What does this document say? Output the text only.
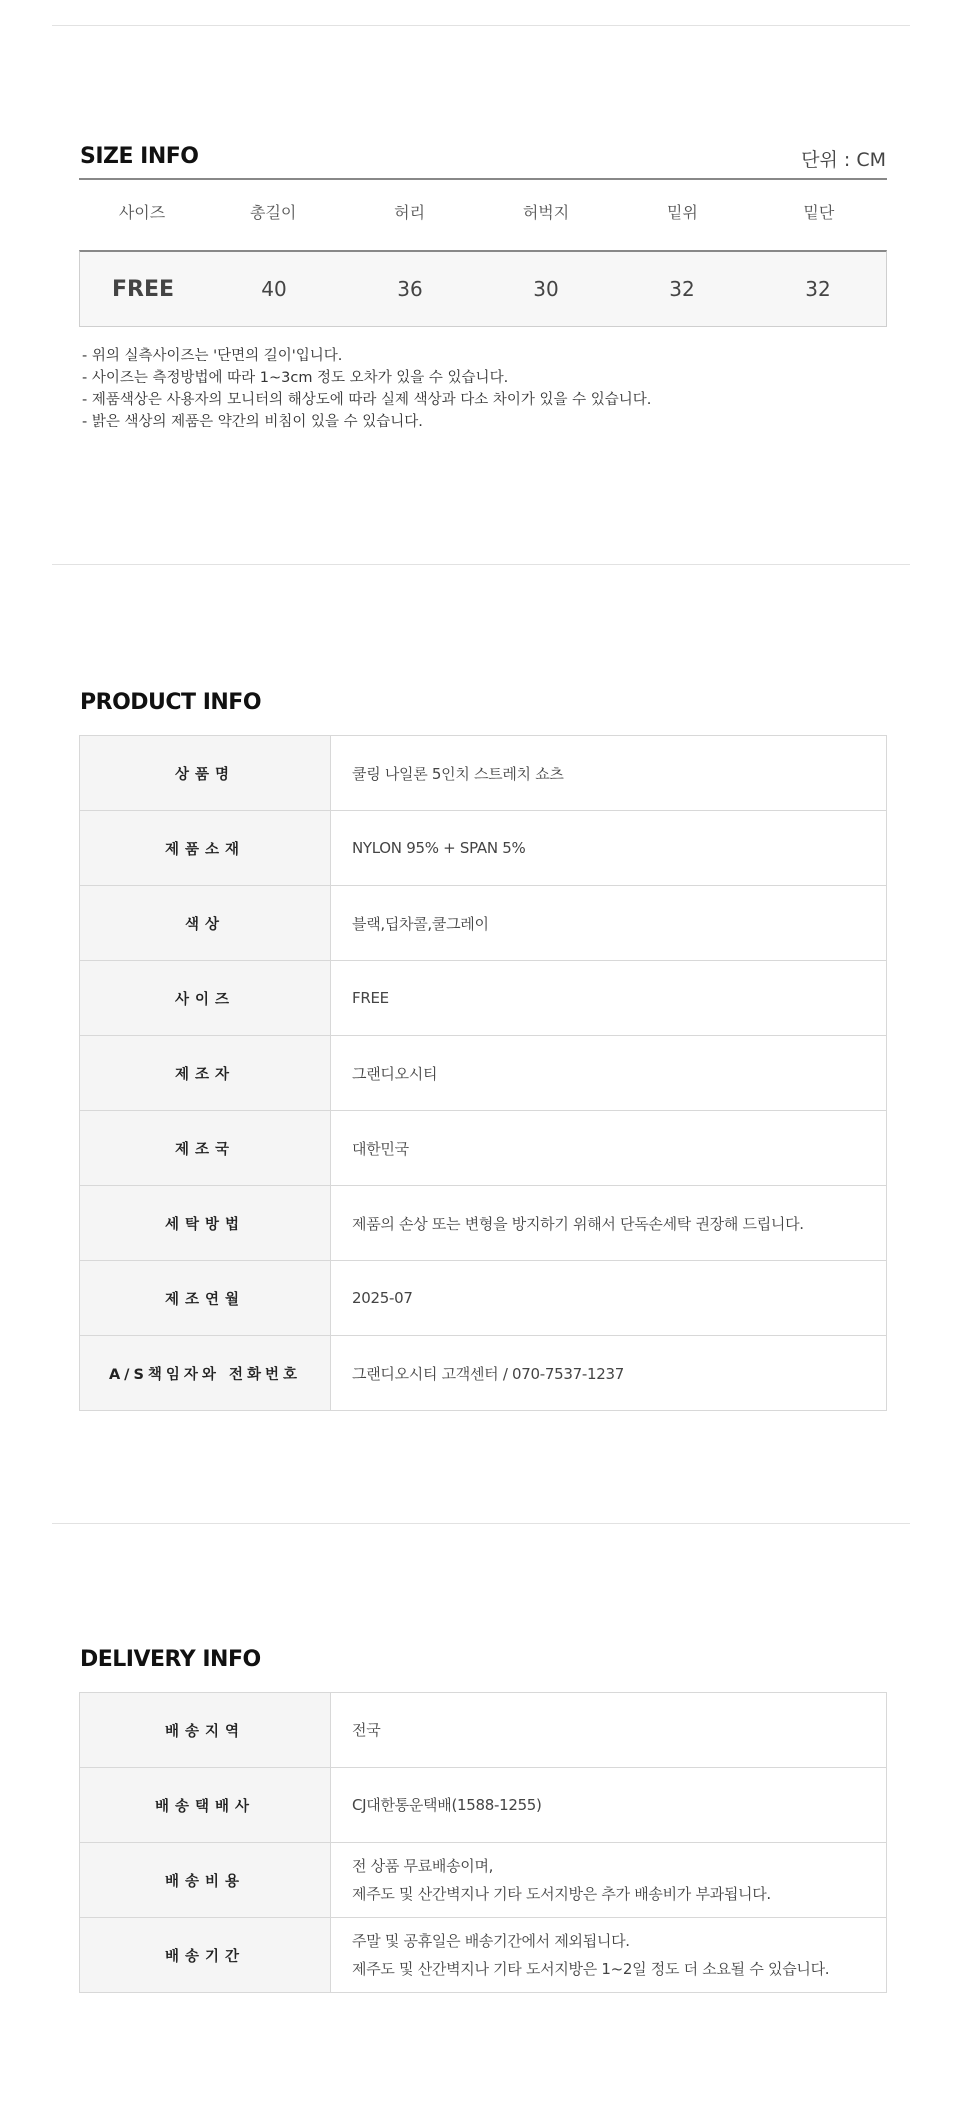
SIZE INFO	단위 : CM
사이즈	총길이	허리	허벅지	밑위	밑단
FREE	40	36	30	32	32
- 위의 실측사이즈는 '단면의 길이'입니다.
- 사이즈는 측정방법에 따라 1~3cm 정도 오차가 있을 수 있습니다.
- 제품색상은 사용자의 모니터의 해상도에 따라 실제 색상과 다소 차이가 있을 수 있습니다.
- 밝은 색상의 제품은 약간의 비침이 있을 수 있습니다.
PRODUCT INFO
상품명	쿨링 나일론 5인치 스트레치 쇼츠
제품소재	NYLON 95% + SPAN 5%
색상	블랙,딥차콜,쿨그레이
사이즈	FREE
제조자	그랜디오시티
제조국	대한민국
세탁방법	제품의 손상 또는 변형을 방지하기 위해서 단독손세탁 권장해 드립니다.
제조연월	2025-07
A/S책임자와 전화번호	그랜디오시티 고객센터 / 070-7537-1237
DELIVERY INFO
배송지역	전국

배송택배사	CJ대한통운택배(1588-1255)

배송비용	전 상품 무료배송이며,
제주도 및 산간벽지나 기타 도서지방은 추가 배송비가 부과됩니다.

배송기간	주말 및 공휴일은 배송기간에서 제외됩니다.
제주도 및 산간벽지나 기타 도서지방은 1~2일 정도 더 소요될 수 있습니다.
